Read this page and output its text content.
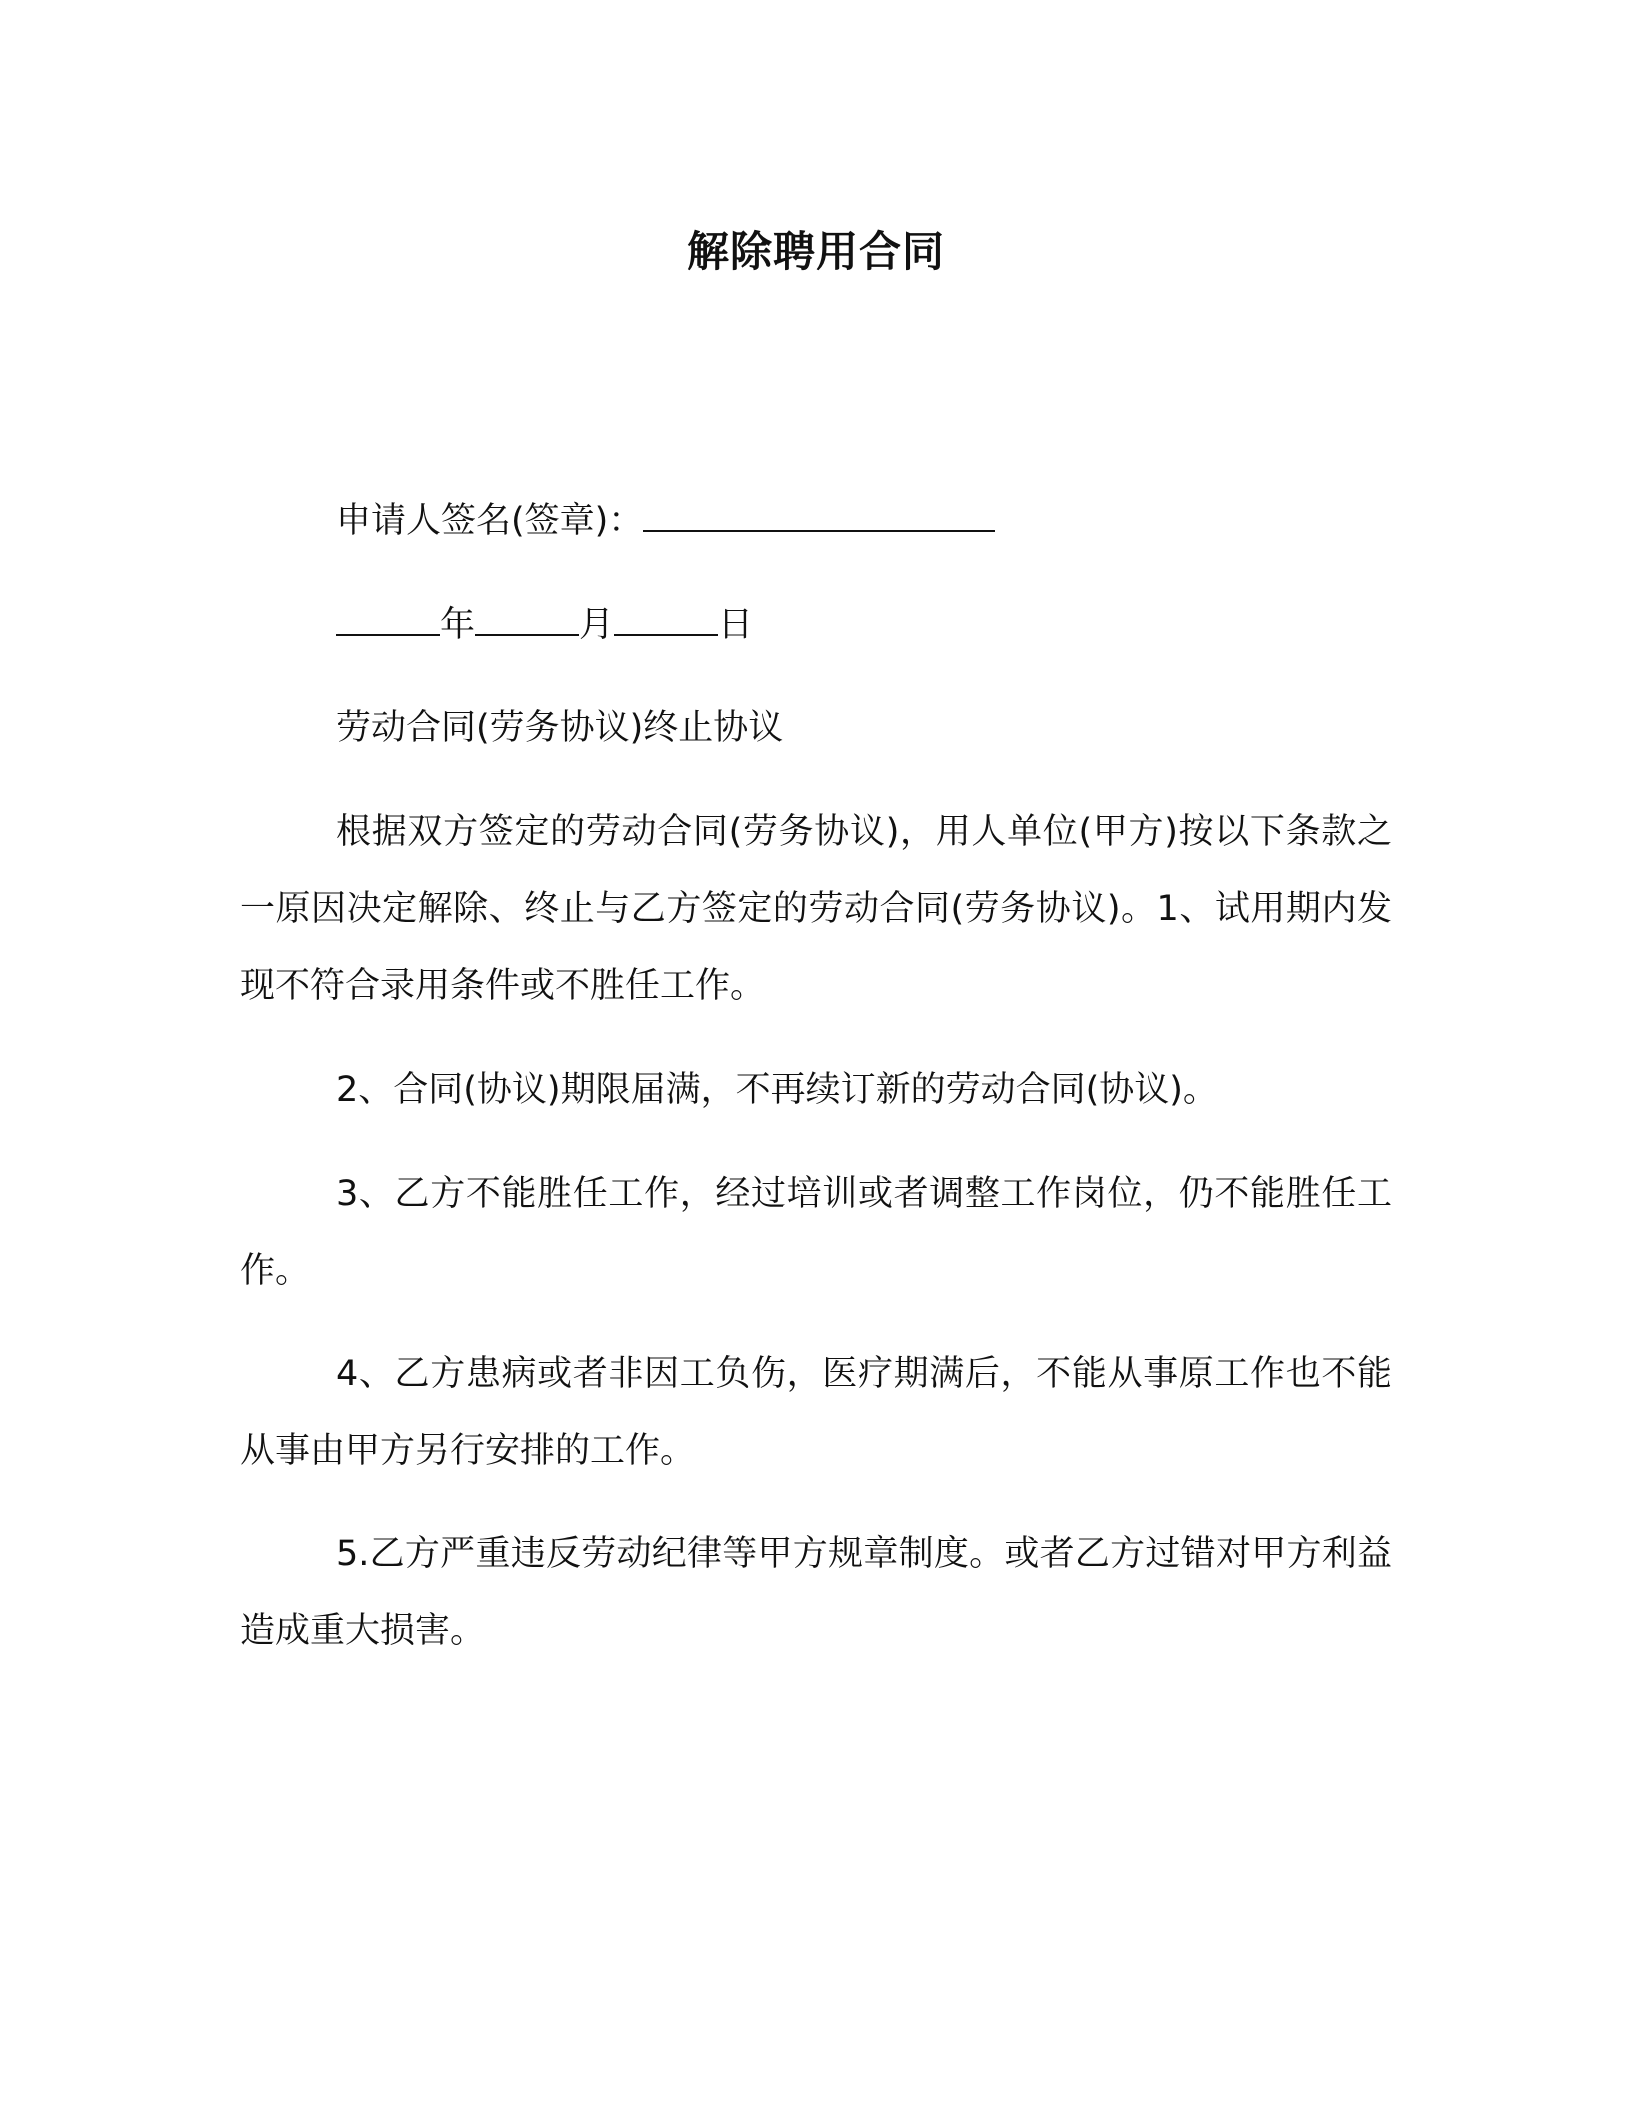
解除聘用合同
申请人签名(签章)：
年	月	日
劳动合同(劳务协议)终止协议
根据双方签定的劳动合同(劳务协议)，用人单位(甲方)按以下条款之一原因决定解除、终止与乙方签定的劳动合同(劳务协议)。1、试用期内发现不符合录用条件或不胜任工作。
2、合同(协议)期限届满，不再续订新的劳动合同(协议)。
3、乙方不能胜任工作，经过培训或者调整工作岗位，仍不能胜任工作。
4、乙方患病或者非因工负伤，医疗期满后，不能从事原工作也不能从事由甲方另行安排的工作。
5.乙方严重违反劳动纪律等甲方规章制度。或者乙方过错对甲方利益造成重大损害。
